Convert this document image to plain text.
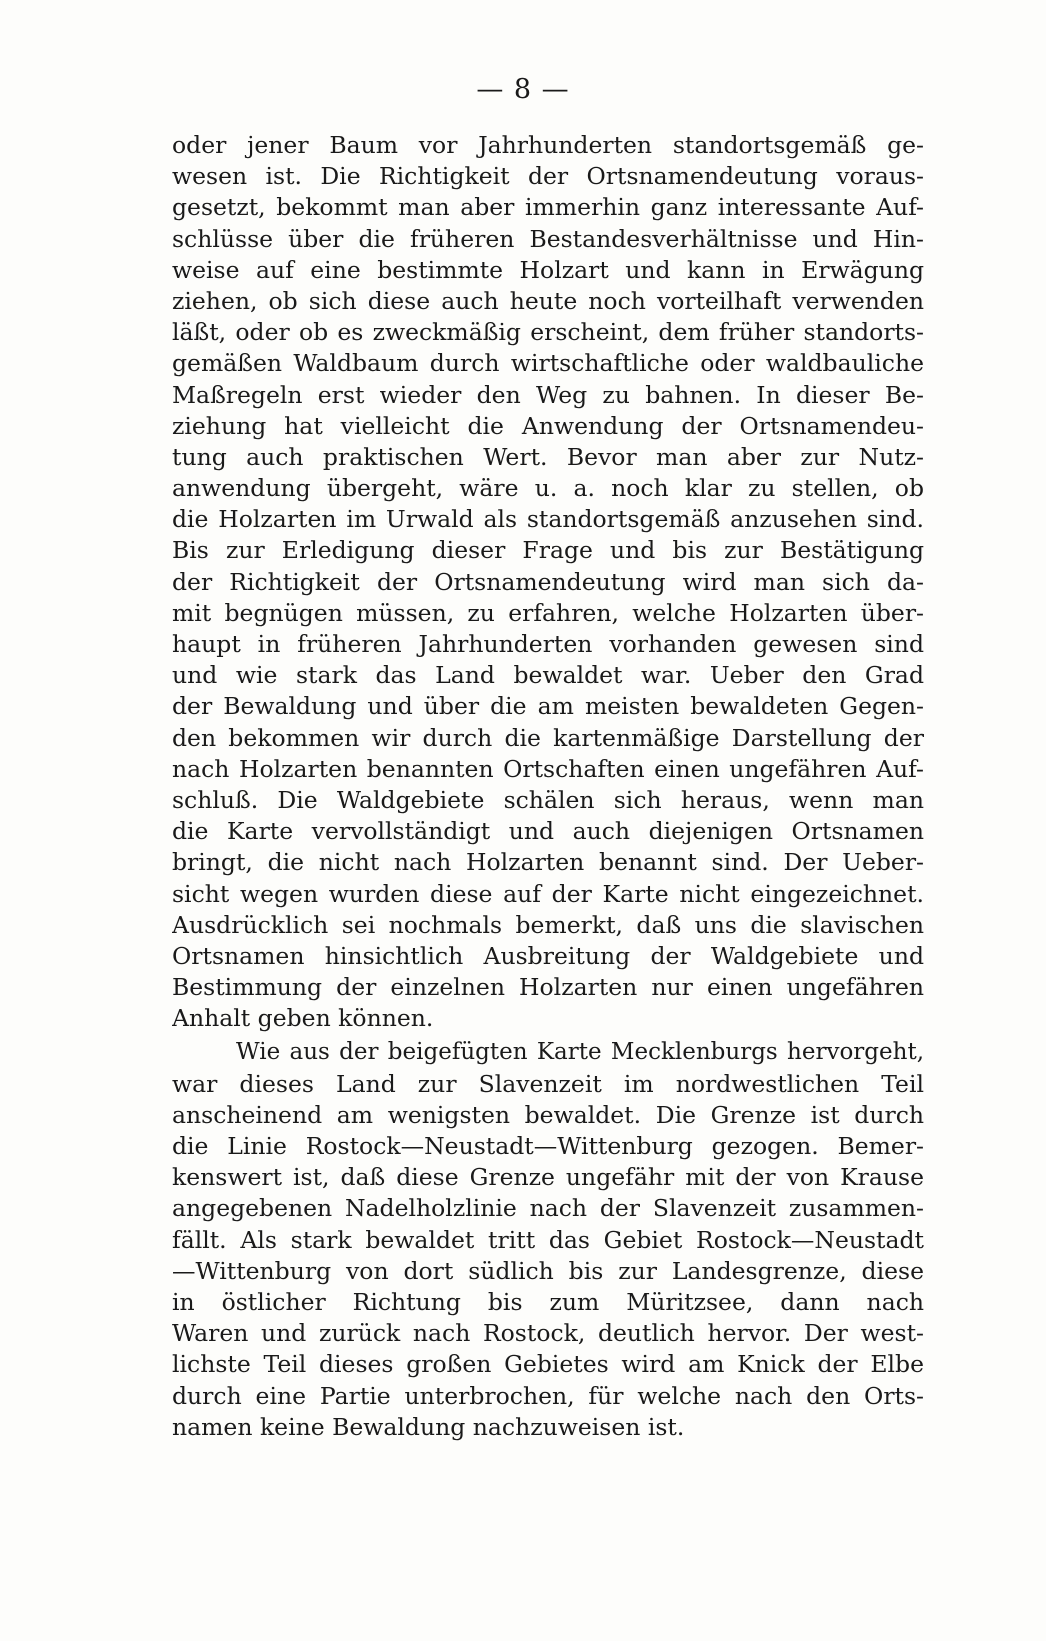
— 8 —
oder jener Baum vor Jahrhunderten standortsgemäß ge-
wesen ist. Die Richtigkeit der Ortsnamendeutung voraus-
gesetzt, bekommt man aber immerhin ganz interessante Auf-
schlüsse über die früheren Bestandesverhältnisse und Hin-
weise auf eine bestimmte Holzart und kann in Erwägung
ziehen, ob sich diese auch heute noch vorteilhaft verwenden
läßt, oder ob es zweckmäßig erscheint, dem früher standorts-
gemäßen Waldbaum durch wirtschaftliche oder waldbauliche
Maßregeln erst wieder den Weg zu bahnen. In dieser Be-
ziehung hat vielleicht die Anwendung der Ortsnamendeu-
tung auch praktischen Wert. Bevor man aber zur Nutz-
anwendung übergeht, wäre u. a. noch klar zu stellen, ob
die Holzarten im Urwald als standortsgemäß anzusehen sind.
Bis zur Erledigung dieser Frage und bis zur Bestätigung
der Richtigkeit der Ortsnamendeutung wird man sich da-
mit begnügen müssen, zu erfahren, welche Holzarten über-
haupt in früheren Jahrhunderten vorhanden gewesen sind
und wie stark das Land bewaldet war. Ueber den Grad
der Bewaldung und über die am meisten bewaldeten Gegen-
den bekommen wir durch die kartenmäßige Darstellung der
nach Holzarten benannten Ortschaften einen ungefähren Auf-
schluß. Die Waldgebiete schälen sich heraus, wenn man
die Karte vervollständigt und auch diejenigen Ortsnamen
bringt, die nicht nach Holzarten benannt sind. Der Ueber-
sicht wegen wurden diese auf der Karte nicht eingezeichnet.
Ausdrücklich sei nochmals bemerkt, daß uns die slavischen
Ortsnamen hinsichtlich Ausbreitung der Waldgebiete und
Bestimmung der einzelnen Holzarten nur einen ungefähren
Anhalt geben können.
Wie aus der beigefügten Karte Mecklenburgs hervorgeht,
war dieses Land zur Slavenzeit im nordwestlichen Teil
anscheinend am wenigsten bewaldet. Die Grenze ist durch
die Linie Rostock—Neustadt—Wittenburg gezogen. Bemer-
kenswert ist, daß diese Grenze ungefähr mit der von Krause
angegebenen Nadelholzlinie nach der Slavenzeit zusammen-
fällt. Als stark bewaldet tritt das Gebiet Rostock—Neustadt
—Wittenburg von dort südlich bis zur Landesgrenze, diese
in östlicher Richtung bis zum Müritzsee, dann nach
Waren und zurück nach Rostock, deutlich hervor. Der west-
lichste Teil dieses großen Gebietes wird am Knick der Elbe
durch eine Partie unterbrochen, für welche nach den Orts-
namen keine Bewaldung nachzuweisen ist.
